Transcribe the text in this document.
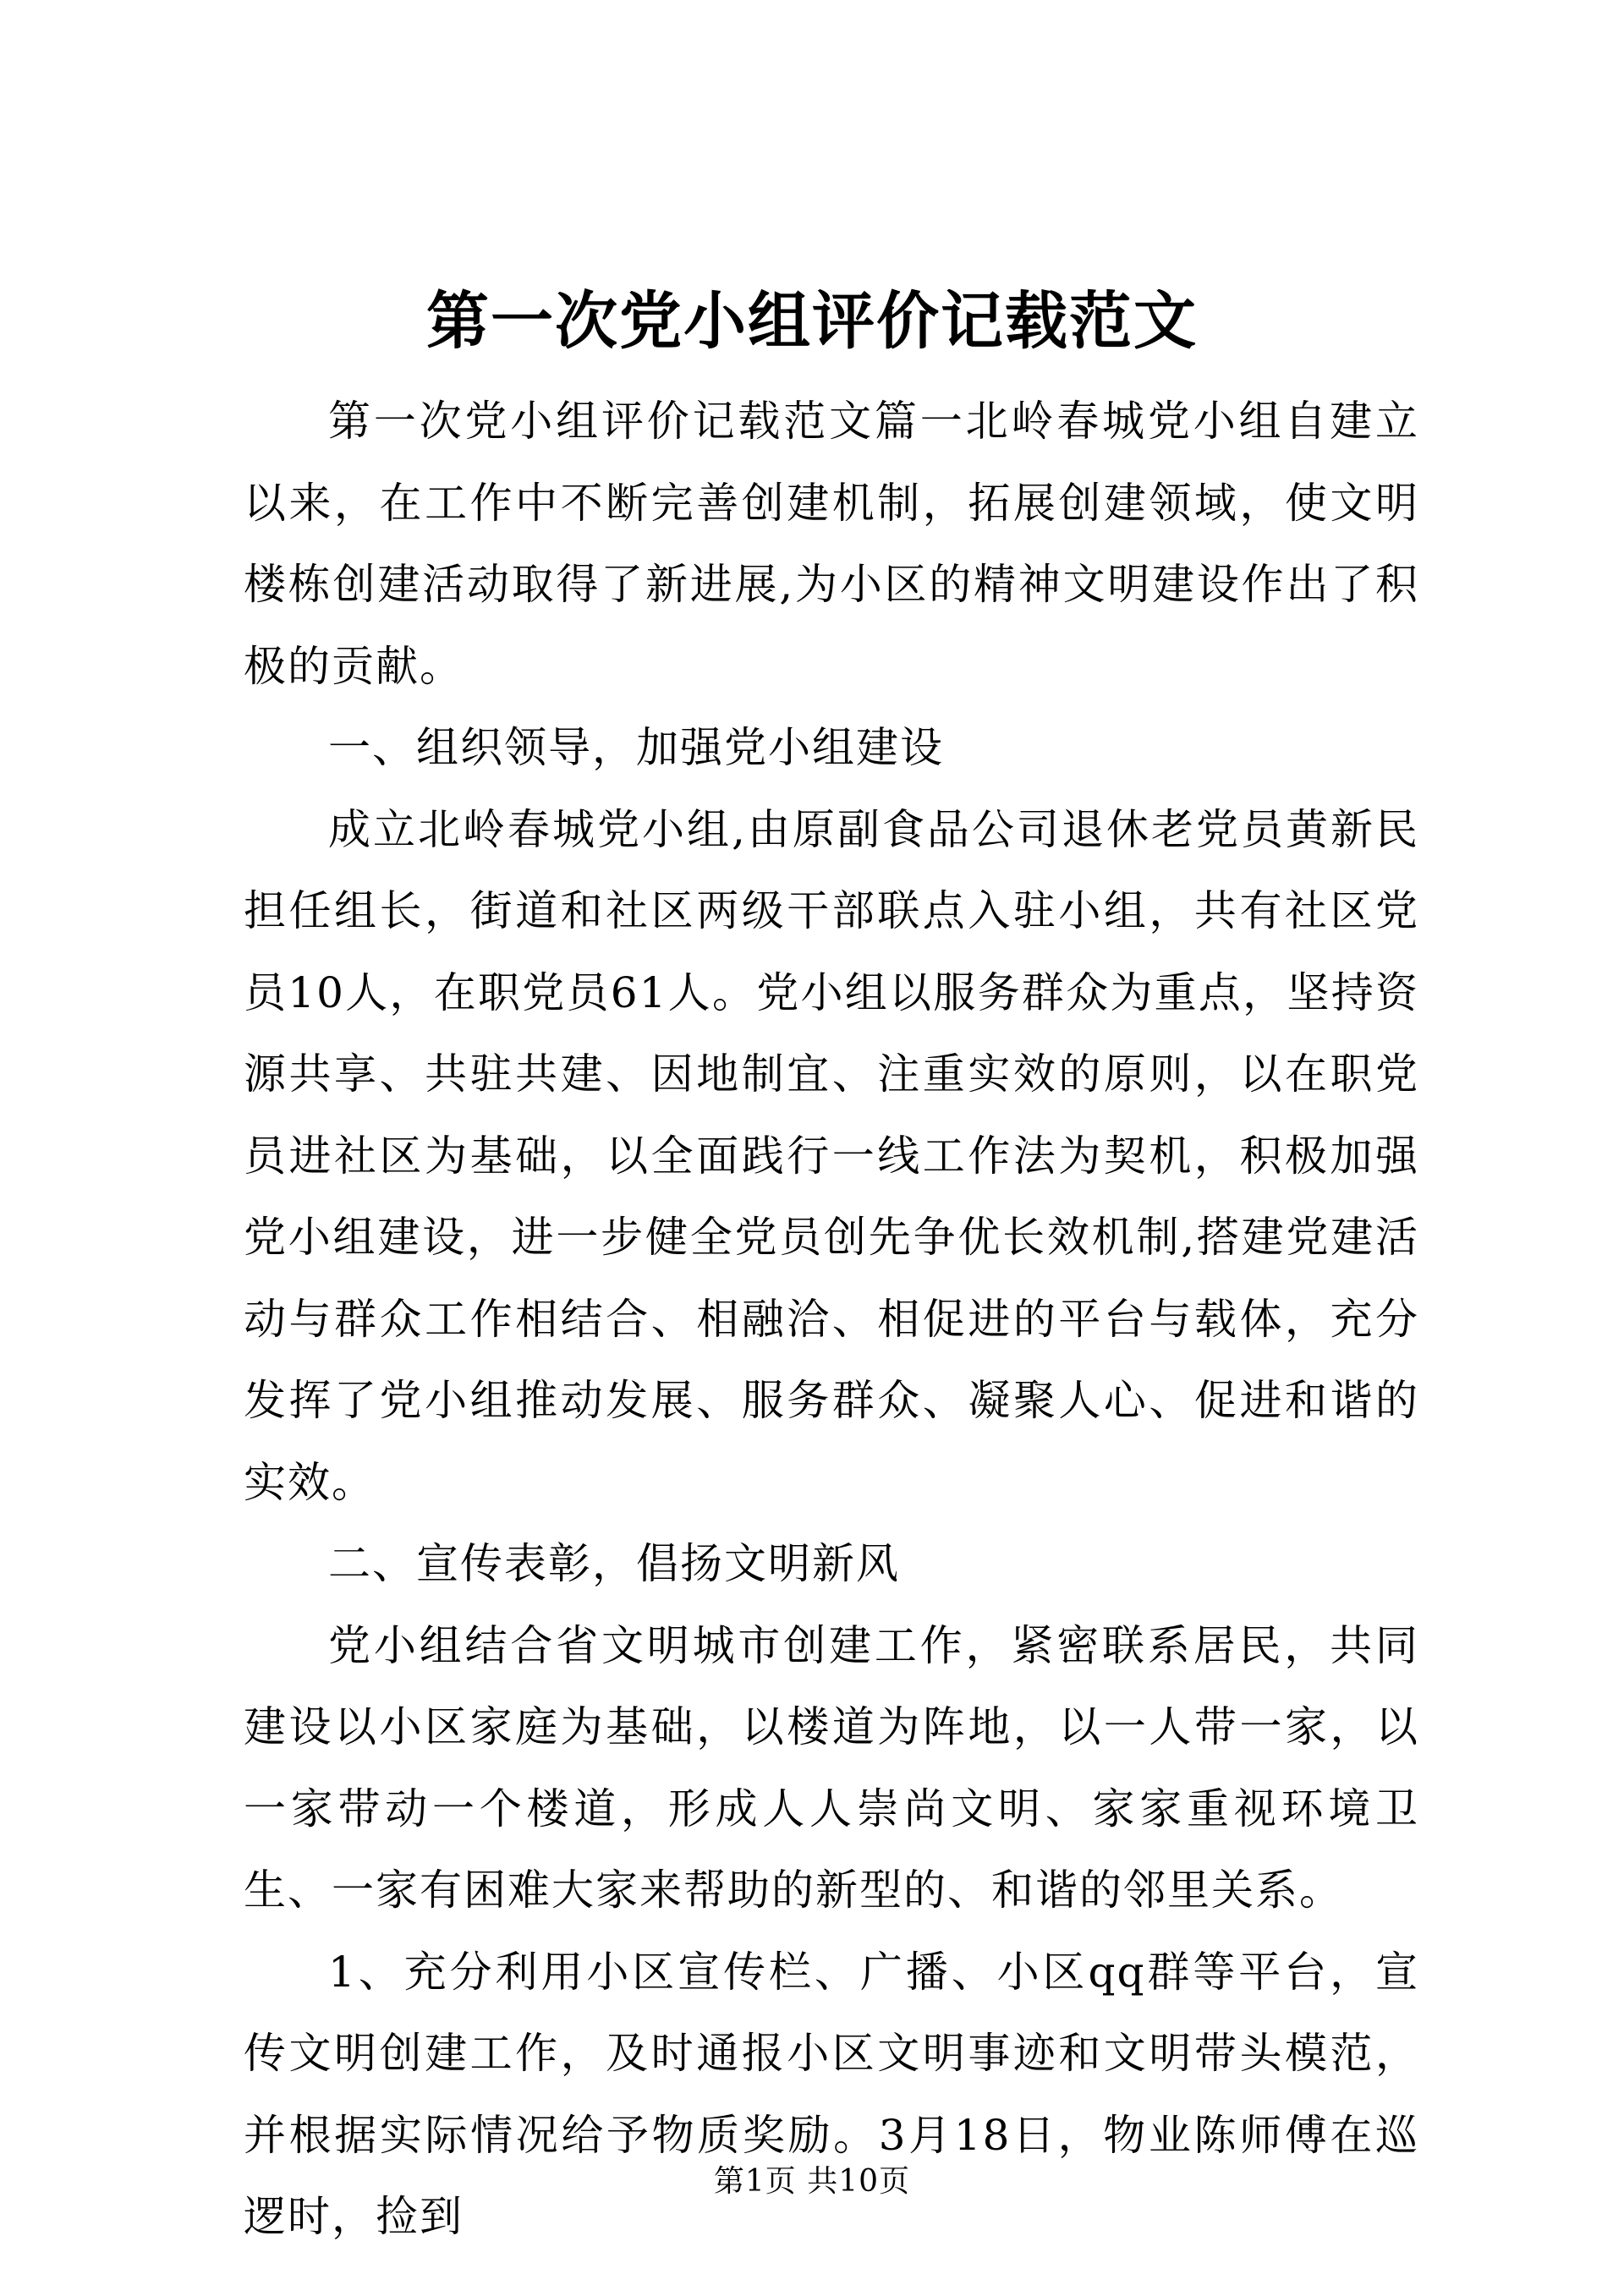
第一次党小组评价记载范文

第一次党小组评价记载范文篇一北岭春城党小组自建立以来，在工作中不断完善创建机制，拓展创建领域，使文明楼栋创建活动取得了新进展,为小区的精神文明建设作出了积极的贡献。

一、组织领导，加强党小组建设

成立北岭春城党小组,由原副食品公司退休老党员黄新民担任组长，街道和社区两级干部联点入驻小组，共有社区党员10人，在职党员61人。党小组以服务群众为重点，坚持资源共享、共驻共建、因地制宜、注重实效的原则，以在职党员进社区为基础，以全面践行一线工作法为契机，积极加强党小组建设，进一步健全党员创先争优长效机制,搭建党建活动与群众工作相结合、相融洽、相促进的平台与载体，充分发挥了党小组推动发展、服务群众、凝聚人心、促进和谐的实效。

二、宣传表彰，倡扬文明新风

党小组结合省文明城市创建工作，紧密联系居民，共同建设以小区家庭为基础，以楼道为阵地，以一人带一家，以一家带动一个楼道，形成人人崇尚文明、家家重视环境卫生、一家有困难大家来帮助的新型的、和谐的邻里关系。

1、充分利用小区宣传栏、广播、小区qq群等平台，宣传文明创建工作，及时通报小区文明事迹和文明带头模范，并根据实际情况给予物质奖励。3月18日，物业陈师傅在巡逻时，捡到

第1页 共10页
